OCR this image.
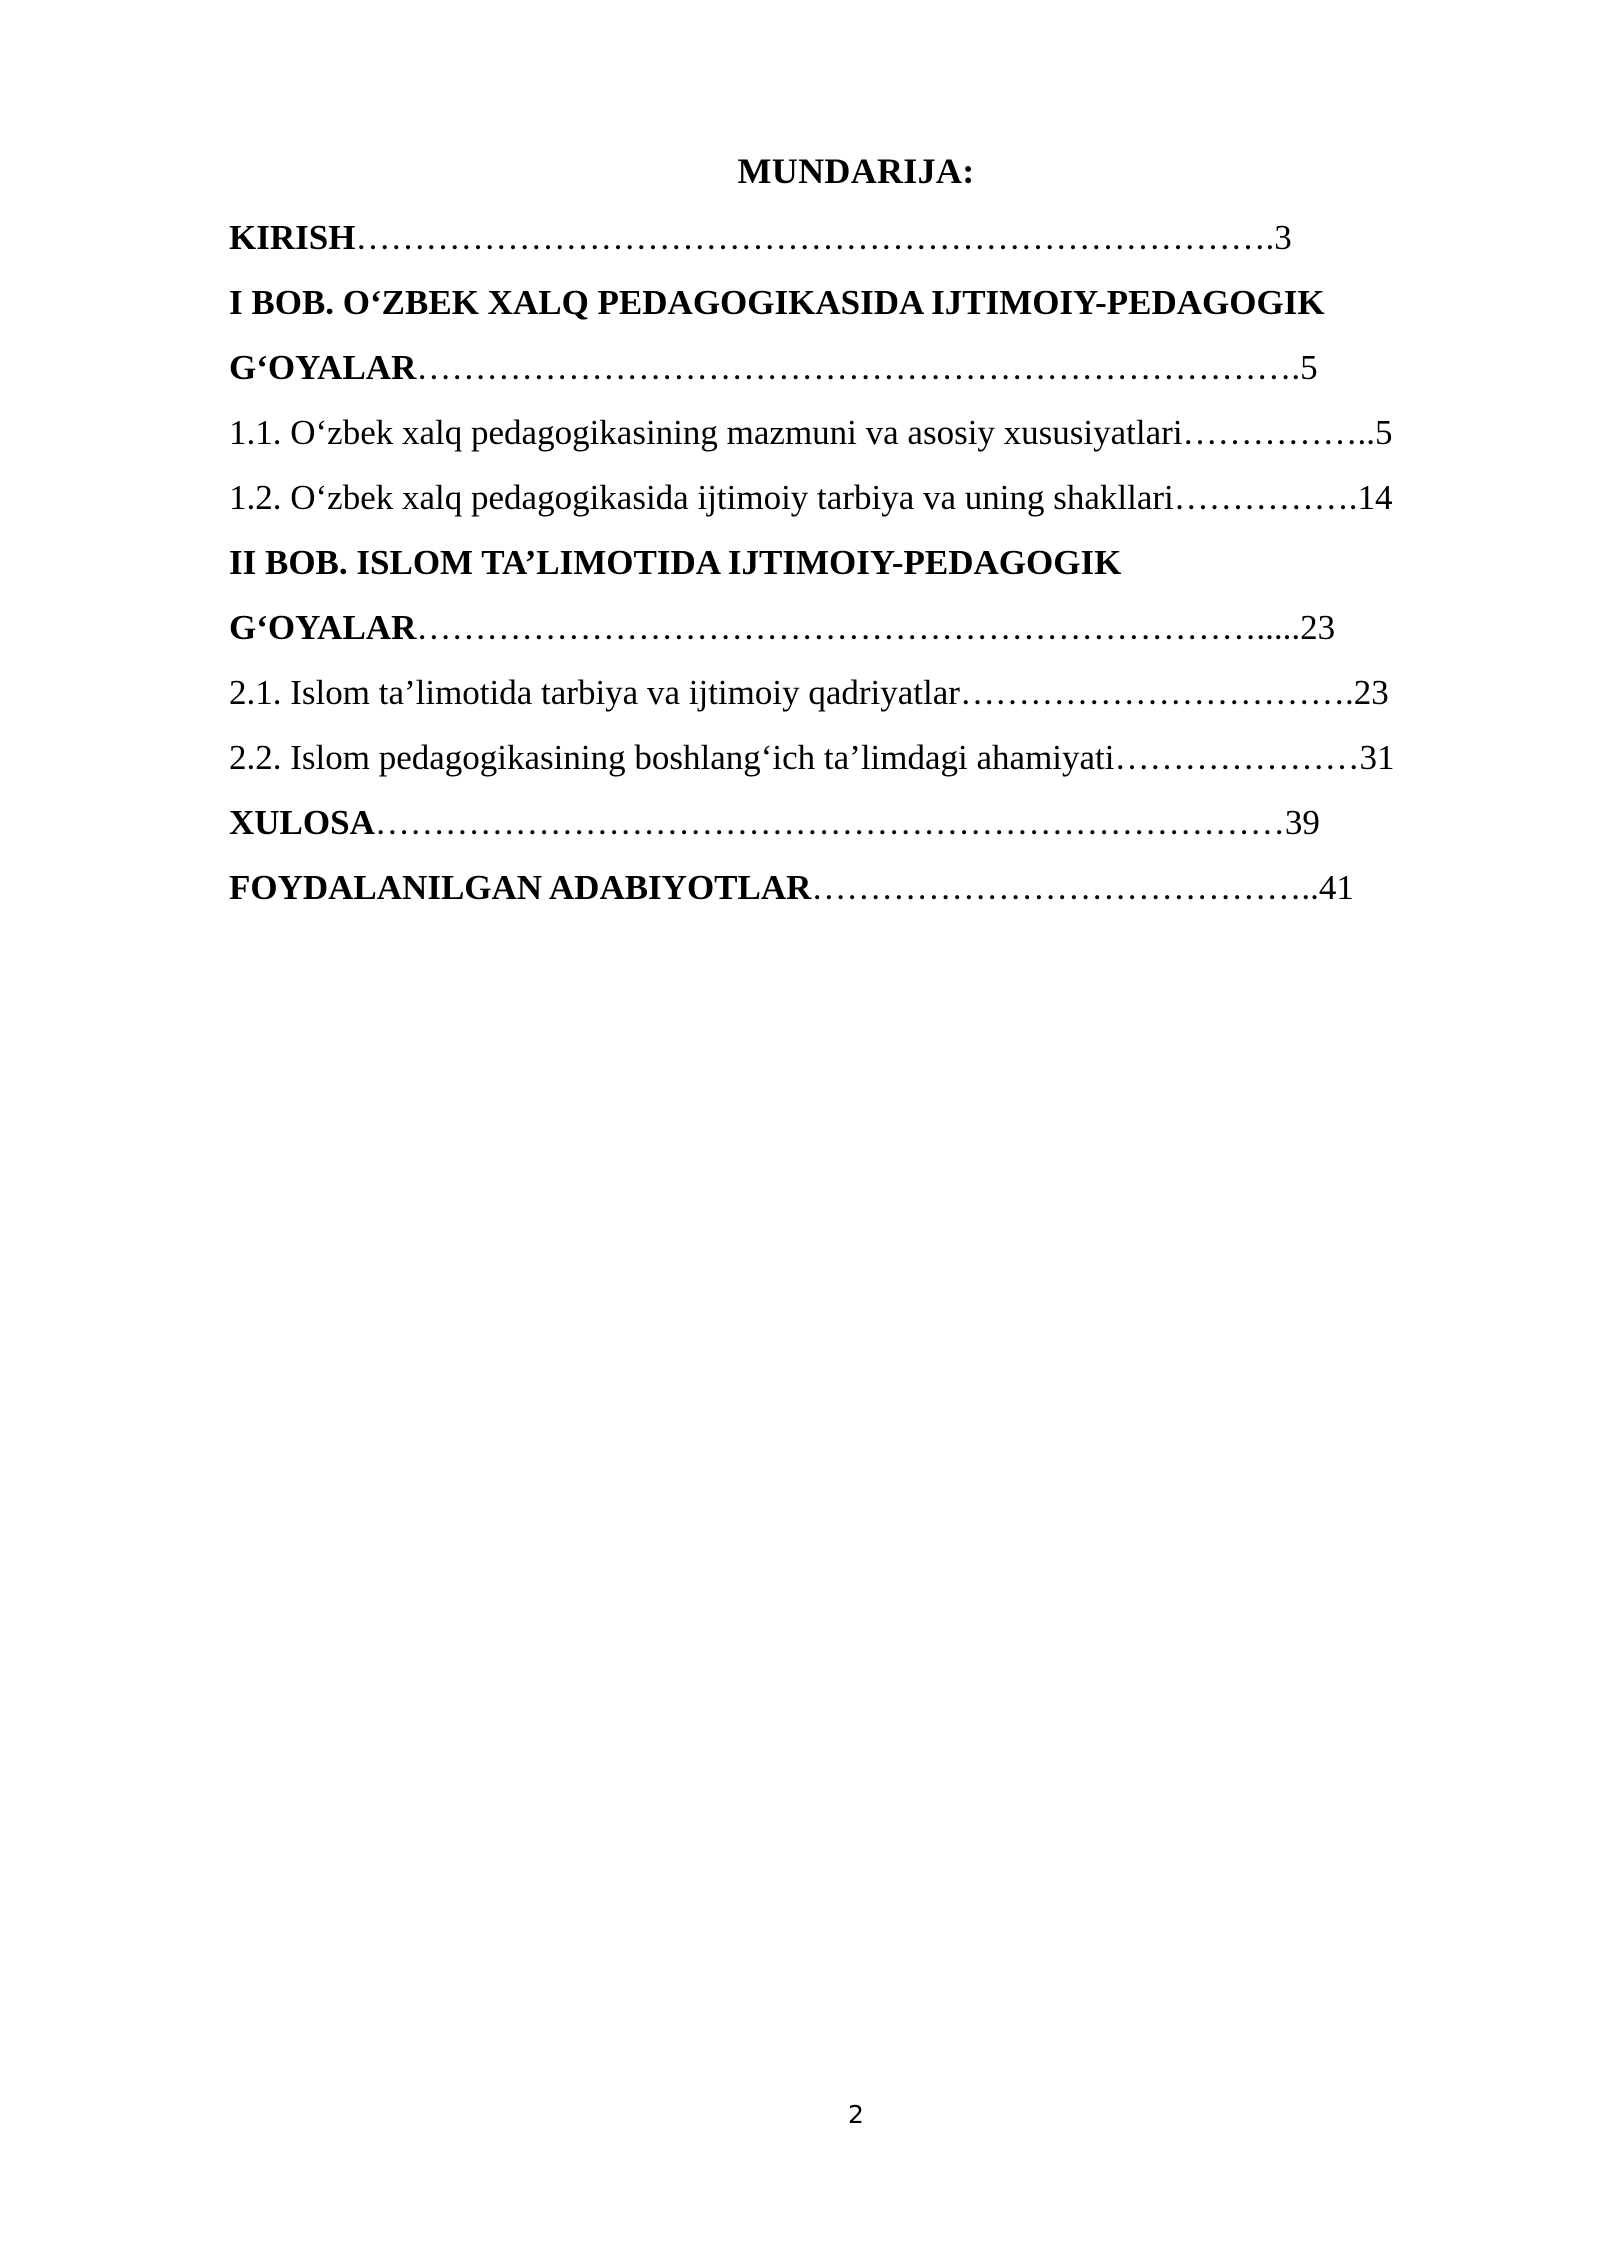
MUNDARIJA:
KIRISH…………………………………………………………………….3
I BOB. O‘ZBEK XALQ PEDAGOGIKASIDA IJTIMOIY-PEDAGOGIK
G‘OYALAR………………………………………………………………….5
1.1. O‘zbek xalq pedagogikasining mazmuni va asosiy xususiyatlari……………..5
1.2. O‘zbek xalq pedagogikasida ijtimoiy tarbiya va uning shakllari…………….14
II BOB. ISLOM TA’LIMOTIDA IJTIMOIY-PEDAGOGIK
G‘OYALAR……………………………………………………………….....23
2.1. Islom ta’limotida tarbiya va ijtimoiy qadriyatlar…………………………….23
2.2. Islom pedagogikasining boshlang‘ich ta’limdagi ahamiyati…………………31
XULOSA……………………………………………………………………39
FOYDALANILGAN ADABIYOTLAR……………………………………..41
2
